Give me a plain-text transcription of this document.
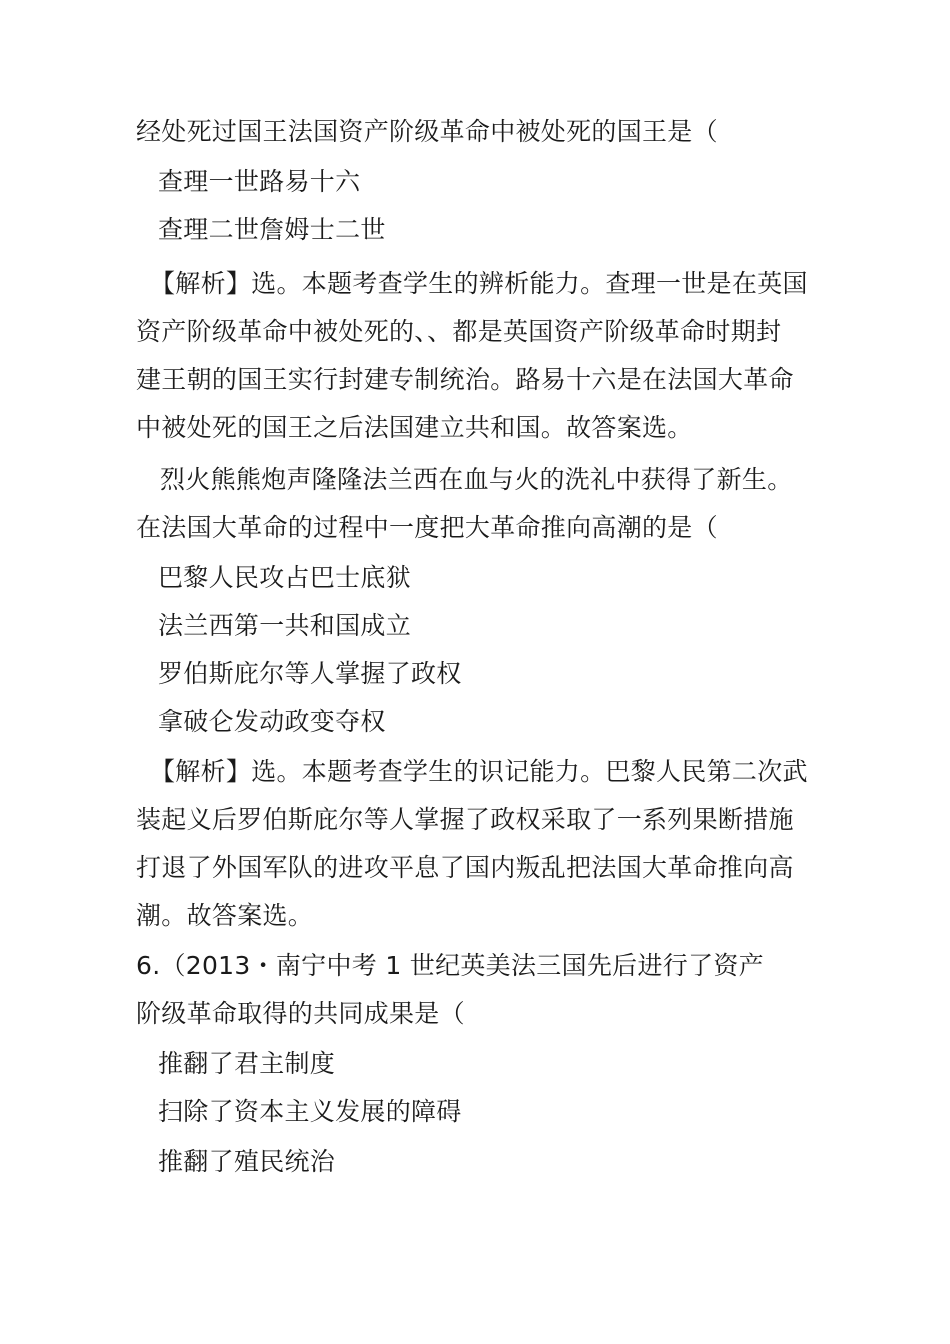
经处死过国王法国资产阶级革命中被处死的国王是（
查理一世路易十六
查理二世詹姆士二世
【解析】选。本题考查学生的辨析能力。查理一世是在英国
资产阶级革命中被处死的、、都是英国资产阶级革命时期封
建王朝的国王实行封建专制统治。路易十六是在法国大革命
中被处死的国王之后法国建立共和国。故答案选。
烈火熊熊炮声隆隆法兰西在血与火的洗礼中获得了新生。
在法国大革命的过程中一度把大革命推向高潮的是（
巴黎人民攻占巴士底狱
法兰西第一共和国成立
罗伯斯庇尔等人掌握了政权
拿破仑发动政变夺权
【解析】选。本题考查学生的识记能力。巴黎人民第二次武
装起义后罗伯斯庇尔等人掌握了政权采取了一系列果断措施
打退了外国军队的进攻平息了国内叛乱把法国大革命推向高
潮。故答案选。
6.（2013・南宁中考 1 世纪英美法三国先后进行了资产
阶级革命取得的共同成果是（
推翻了君主制度
扫除了资本主义发展的障碍
推翻了殖民统治
